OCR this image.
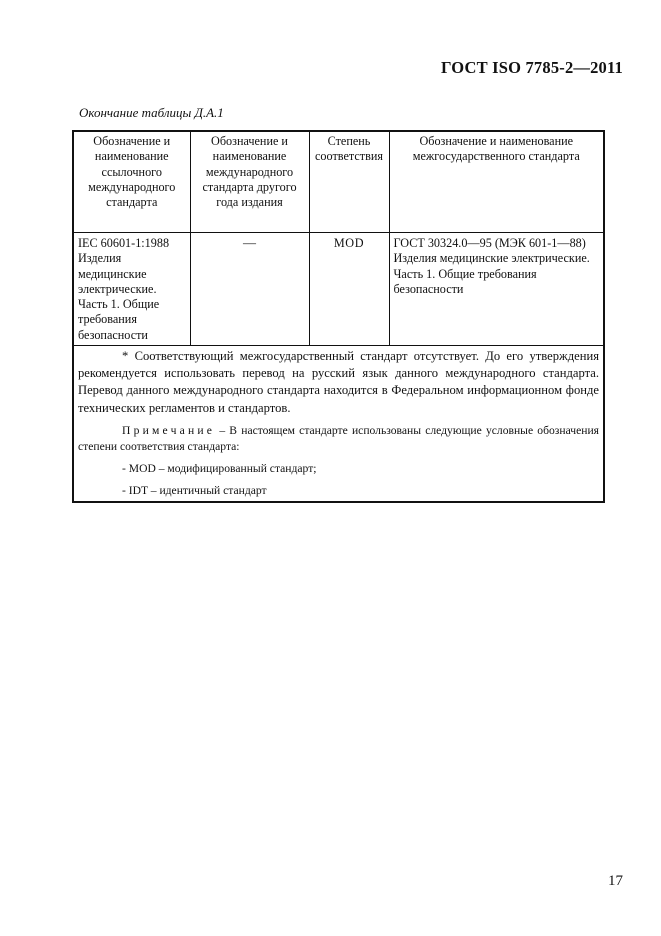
ГОСТ ISO 7785-2—2011
Окончание таблицы Д.А.1
Обозначение и наименование ссылочного международного стандарта	Обозначение и наименование международного стандарта другого года издания	Степень соответствия	Обозначение и наименование межгосударственного стандарта
IEC 60601-1:1988 Изделия медицинские электрические. Часть 1. Общие требования безопасности	—	MOD	ГОСТ 30324.0—95 (МЭК 601-1—88) Изделия медицинские электрические. Часть 1. Общие требования безопасности

* Соответствующий межгосударственный стандарт отсутствует. До его утверждения рекомендуется использовать перевод на русский язык данного международного стандарта. Перевод данного международного стандарта находится в Федеральном информационном фонде технических регламентов и стандартов.

Примечание – В настоящем стандарте использованы следующие условные обозначения степени соответствия стандарта:

- MOD – модифицированный стандарт;
- IDT – идентичный стандарт			
17
